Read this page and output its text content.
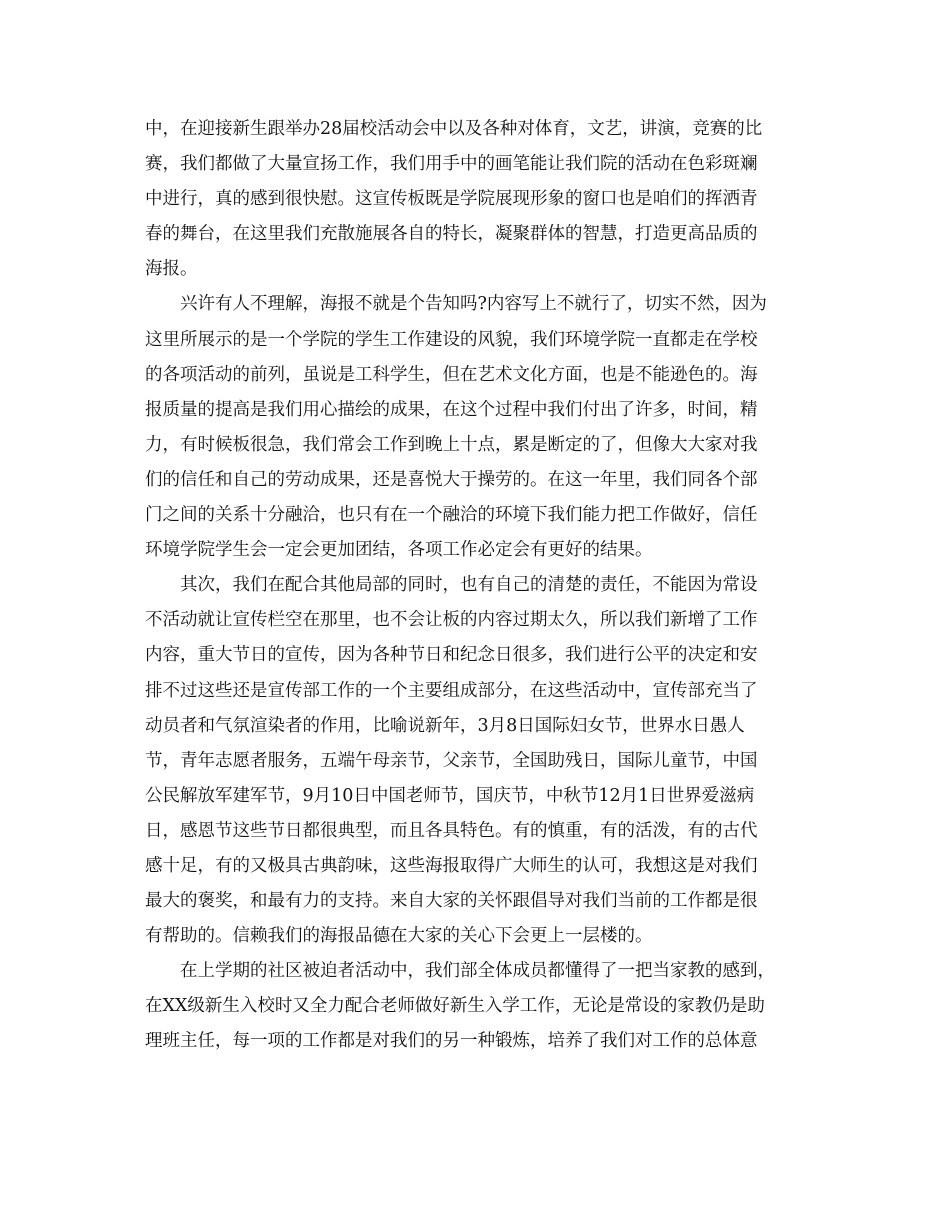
中，在迎接新生跟举办28届校活动会中以及各种对体育，文艺，讲演，竞赛的比
赛，我们都做了大量宣扬工作，我们用手中的画笔能让我们院的活动在色彩斑斓
中进行，真的感到很快慰。这宣传板既是学院展现形象的窗口也是咱们的挥洒青
春的舞台，在这里我们充散施展各自的特长，凝聚群体的智慧，打造更高品质的
海报。
兴许有人不理解，海报不就是个告知吗?内容写上不就行了，切实不然，因为
这里所展示的是一个学院的学生工作建设的风貌，我们环境学院一直都走在学校
的各项活动的前列，虽说是工科学生，但在艺术文化方面，也是不能逊色的。海
报质量的提高是我们用心描绘的成果，在这个过程中我们付出了许多，时间，精
力，有时候板很急，我们常会工作到晚上十点，累是断定的了，但像大大家对我
们的信任和自己的劳动成果，还是喜悦大于操劳的。在这一年里，我们同各个部
门之间的关系十分融洽，也只有在一个融洽的环境下我们能力把工作做好，信任
环境学院学生会一定会更加团结，各项工作必定会有更好的结果。
其次，我们在配合其他局部的同时，也有自己的清楚的责任，不能因为常设
不活动就让宣传栏空在那里，也不会让板的内容过期太久，所以我们新增了工作
内容，重大节日的宣传，因为各种节日和纪念日很多，我们进行公平的决定和安
排不过这些还是宣传部工作的一个主要组成部分，在这些活动中，宣传部充当了
动员者和气氛渲染者的作用，比喻说新年，3月8日国际妇女节，世界水日愚人
节，青年志愿者服务，五端午母亲节，父亲节，全国助残日，国际儿童节，中国
公民解放军建军节，9月10日中国老师节，国庆节，中秋节12月1日世界爱滋病
日，感恩节这些节日都很典型，而且各具特色。有的慎重，有的活泼，有的古代
感十足，有的又极具古典韵味，这些海报取得广大师生的认可，我想这是对我们
最大的褒奖，和最有力的支持。来自大家的关怀跟倡导对我们当前的工作都是很
有帮助的。信赖我们的海报品德在大家的关心下会更上一层楼的。
在上学期的社区被迫者活动中，我们部全体成员都懂得了一把当家教的感到，
在XX级新生入校时又全力配合老师做好新生入学工作，无论是常设的家教仍是助
理班主任，每一项的工作都是对我们的另一种锻炼，培养了我们对工作的总体意
